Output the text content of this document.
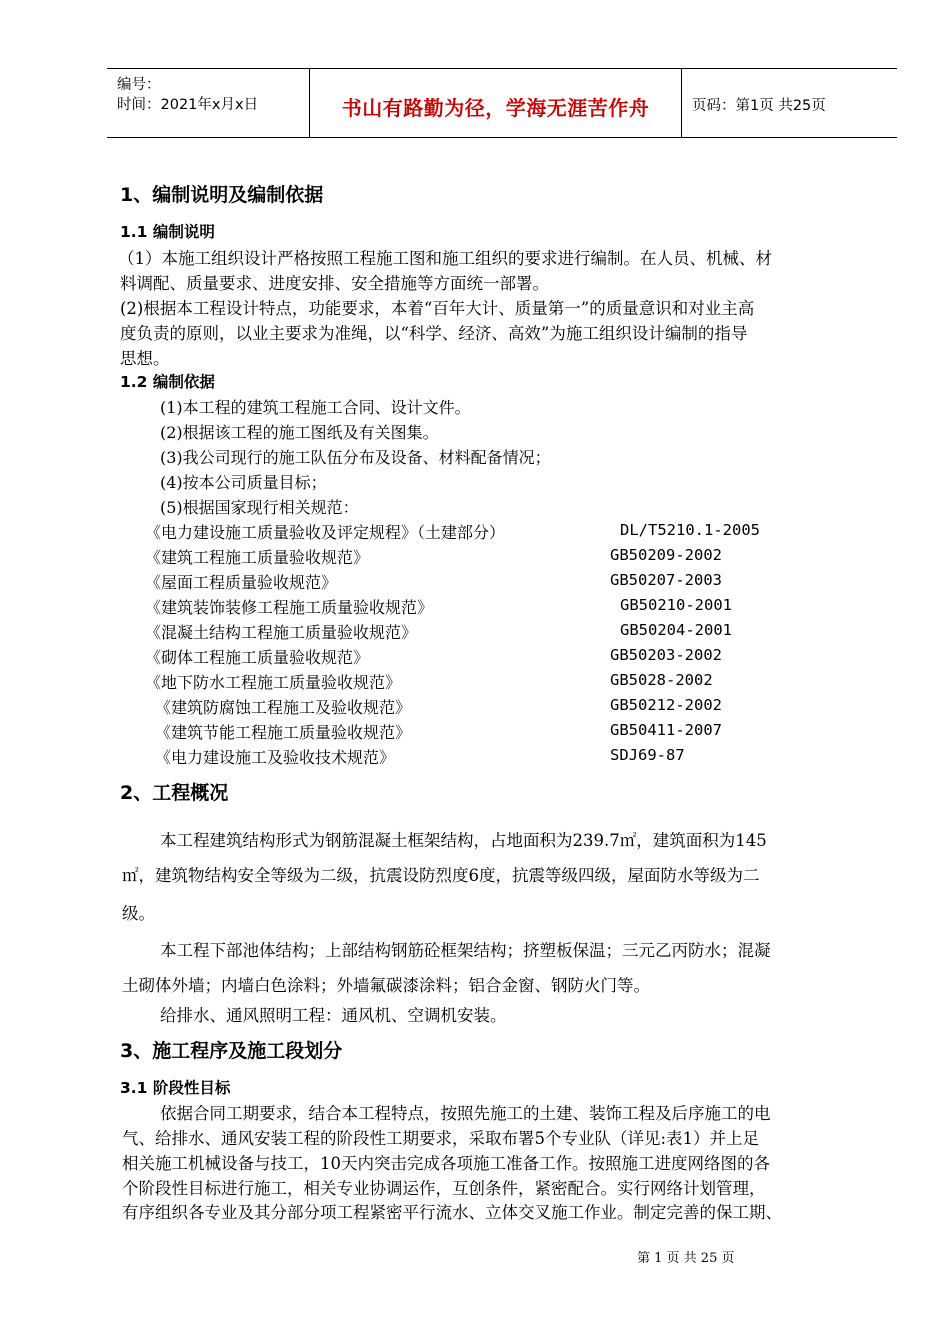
编号：
时间：2021年x月x日	书山有路勤为径，学海无涯苦作舟	页码：第1页 共25页
1、编制说明及编制依据
1.1 编制说明
（1）本施工组织设计严格按照工程施工图和施工组织的要求进行编制。在人员、机械、材
料调配、质量要求、进度安排、安全措施等方面统一部署。
(2)根据本工程设计特点，功能要求，本着“百年大计、质量第一”的质量意识和对业主高
度负责的原则，以业主要求为准绳，以“科学、经济、高效”为施工组织设计编制的指导
思想。
1.2 编制依据
(1)本工程的建筑工程施工合同、设计文件。
(2)根据该工程的施工图纸及有关图集。
(3)我公司现行的施工队伍分布及设备、材料配备情况；
(4)按本公司质量目标；
(5)根据国家现行相关规范：
《电力建设施工质量验收及评定规程》（土建部分）	DL/T5210.1-2005
《建筑工程施工质量验收规范》	GB50209-2002
《屋面工程质量验收规范》	GB50207-2003
《建筑装饰装修工程施工质量验收规范》	GB50210-2001
《混凝土结构工程施工质量验收规范》	GB50204-2001
《砌体工程施工质量验收规范》	GB50203-2002
《地下防水工程施工质量验收规范》	GB5028-2002
《建筑防腐蚀工程施工及验收规范》	GB50212-2002
《建筑节能工程施工质量验收规范》	GB50411-2007
《电力建设施工及验收技术规范》	SDJ69-87
2、工程概况
本工程建筑结构形式为钢筋混凝土框架结构，占地面积为239.7㎡，建筑面积为145
㎡，建筑物结构安全等级为二级，抗震设防烈度6度，抗震等级四级，屋面防水等级为二
级。
本工程下部池体结构；上部结构钢筋砼框架结构；挤塑板保温；三元乙丙防水；混凝
土砌体外墙；内墙白色涂料；外墙氟碳漆涂料；铝合金窗、钢防火门等。
给排水、通风照明工程：通风机、空调机安装。
3、施工程序及施工段划分
3.1 阶段性目标
依据合同工期要求，结合本工程特点，按照先施工的土建、装饰工程及后序施工的电
气、给排水、通风安装工程的阶段性工期要求，采取布署5个专业队（详见:表1）并上足
相关施工机械设备与技工，10天内突击完成各项施工准备工作。按照施工进度网络图的各
个阶段性目标进行施工，相关专业协调运作，互创条件，紧密配合。实行网络计划管理，
有序组织各专业及其分部分项工程紧密平行流水、立体交叉施工作业。制定完善的保工期、
第 1 页 共 25 页
